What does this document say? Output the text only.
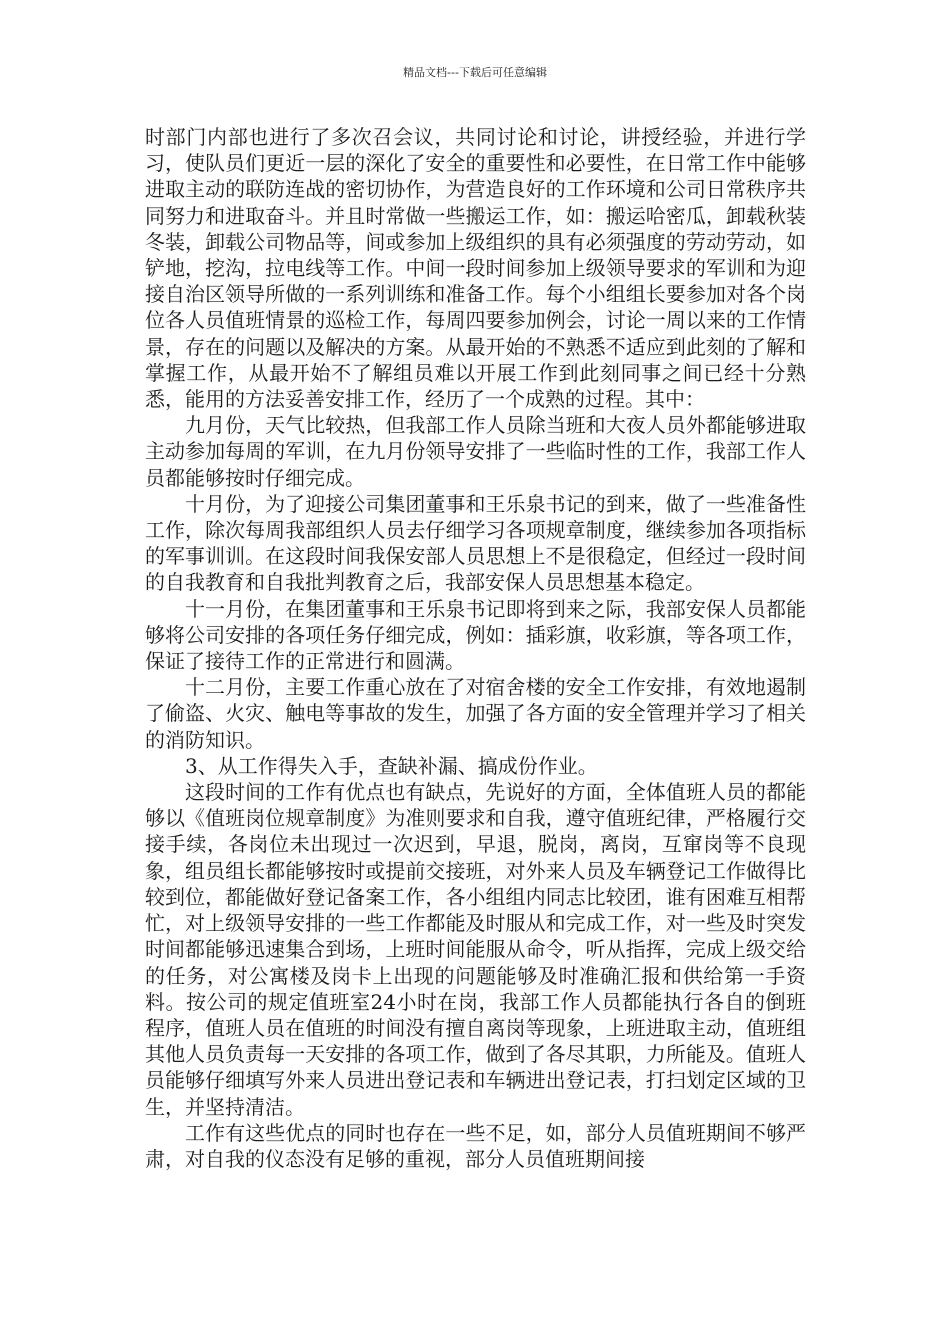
精品文档---下载后可任意编辑

时部门内部也进行了多次召会议，共同讨论和讨论，讲授经验，并进行学习，使队员们更近一层的深化了安全的重要性和必要性，在日常工作中能够进取主动的联防连战的密切协作，为营造良好的工作环境和公司日常秩序共同努力和进取奋斗。并且时常做一些搬运工作，如：搬运哈密瓜，卸载秋装冬装，卸载公司物品等，间或参加上级组织的具有必须强度的劳动劳动，如铲地，挖沟，拉电线等工作。中间一段时间参加上级领导要求的军训和为迎接自治区领导所做的一系列训练和准备工作。每个小组组长要参加对各个岗位各人员值班情景的巡检工作，每周四要参加例会，讨论一周以来的工作情景，存在的问题以及解决的方案。从最开始的不熟悉不适应到此刻的了解和掌握工作，从最开始不了解组员难以开展工作到此刻同事之间已经十分熟悉，能用的方法妥善安排工作，经历了一个成熟的过程。其中：

九月份，天气比较热，但我部工作人员除当班和大夜人员外都能够进取主动参加每周的军训，在九月份领导安排了一些临时性的工作，我部工作人员都能够按时仔细完成。

十月份，为了迎接公司集团董事和王乐泉书记的到来，做了一些准备性工作，除次每周我部组织人员去仔细学习各项规章制度，继续参加各项指标的军事训训。在这段时间我保安部人员思想上不是很稳定，但经过一段时间的自我教育和自我批判教育之后，我部安保人员思想基本稳定。

十一月份，在集团董事和王乐泉书记即将到来之际，我部安保人员都能够将公司安排的各项任务仔细完成，例如：插彩旗，收彩旗，等各项工作，保证了接待工作的正常进行和圆满。

十二月份，主要工作重心放在了对宿舍楼的安全工作安排，有效地遏制了偷盗、火灾、触电等事故的发生，加强了各方面的安全管理并学习了相关的消防知识。

3、从工作得失入手，查缺补漏、搞成份作业。

这段时间的工作有优点也有缺点，先说好的方面，全体值班人员的都能够以《值班岗位规章制度》为准则要求和自我，遵守值班纪律，严格履行交接手续，各岗位未出现过一次迟到，早退，脱岗，离岗，互窜岗等不良现象，组员组长都能够按时或提前交接班，对外来人员及车辆登记工作做得比较到位，都能做好登记备案工作，各小组组内同志比较团，谁有困难互相帮忙，对上级领导安排的一些工作都能及时服从和完成工作，对一些及时突发时间都能够迅速集合到场，上班时间能服从命令，听从指挥，完成上级交给的任务，对公寓楼及岗卡上出现的问题能够及时准确汇报和供给第一手资料。按公司的规定值班室24小时在岗，我部工作人员都能执行各自的倒班程序，值班人员在值班的时间没有擅自离岗等现象，上班进取主动，值班组其他人员负责每一天安排的各项工作，做到了各尽其职，力所能及。值班人员能够仔细填写外来人员进出登记表和车辆进出登记表，打扫划定区域的卫生，并坚持清洁。

工作有这些优点的同时也存在一些不足，如，部分人员值班期间不够严肃，对自我的仪态没有足够的重视，部分人员值班期间接
